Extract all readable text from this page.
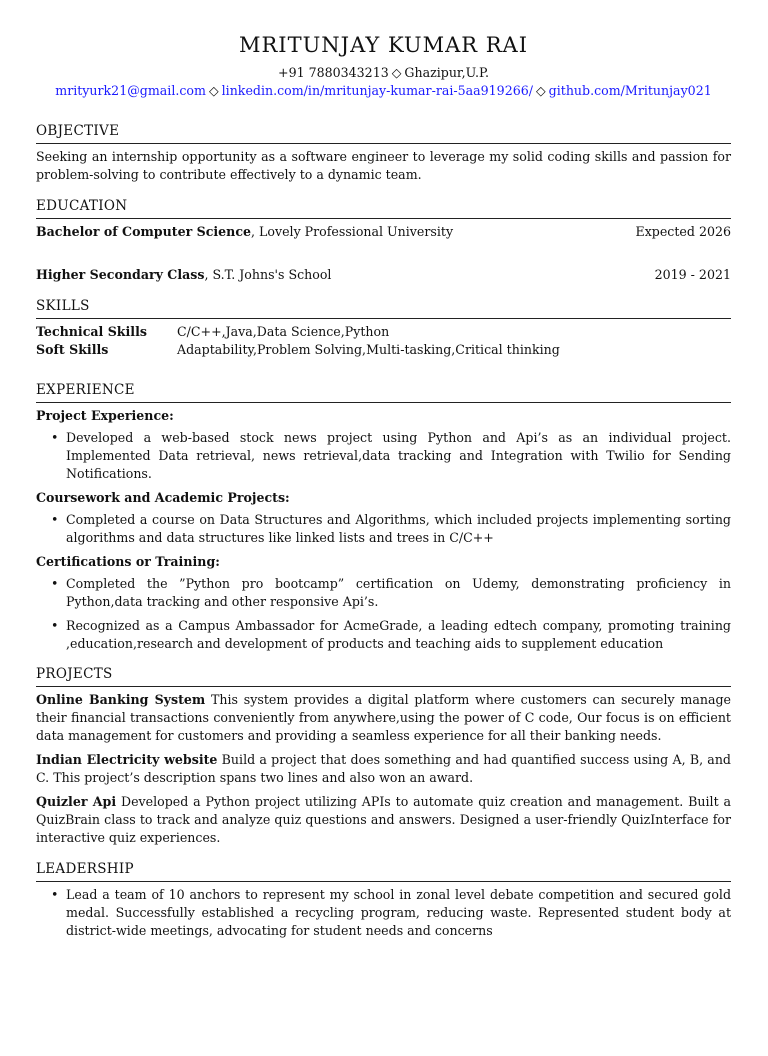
MRITUNJAY KUMAR RAI
+91 7880343213 ◇ Ghazipur,U.P.
mrityurk21@gmail.com ◇ linkedin.com/in/mritunjay-kumar-rai-5aa919266/ ◇ github.com/Mritunjay021
OBJECTIVE
Seeking an internship opportunity as a software engineer to leverage my solid coding skills and passion for problem-solving to contribute effectively to a dynamic team.
EDUCATION
Bachelor of Computer Science, Lovely Professional University	Expected 2026
Higher Secondary Class, S.T. Johns's School	2019 - 2021
SKILLS
Technical Skills	C/C++,Java,Data Science,Python
Soft Skills	Adaptability,Problem Solving,Multi-tasking,Critical thinking
EXPERIENCE
Project Experience:
• Developed a web-based stock news project using Python and Api’s as an individual project. Implemented Data retrieval, news retrieval,data tracking and Integration with Twilio for Sending Notifications.
Coursework and Academic Projects:
• Completed a course on Data Structures and Algorithms, which included projects implementing sorting algorithms and data structures like linked lists and trees in C/C++
Certifications or Training:
• Completed the ”Python pro bootcamp” certification on Udemy, demonstrating proficiency in Python,data tracking and other responsive Api’s.
• Recognized as a Campus Ambassador for AcmeGrade, a leading edtech company, promoting training ,education,research and development of products and teaching aids to supplement education
PROJECTS
Online Banking System This system provides a digital platform where customers can securely manage their financial transactions conveniently from anywhere,using the power of C code, Our focus is on efficient data management for customers and providing a seamless experience for all their banking needs.
Indian Electricity website Build a project that does something and had quantified success using A, B, and C. This project’s description spans two lines and also won an award.
Quizler Api Developed a Python project utilizing APIs to automate quiz creation and management. Built a QuizBrain class to track and analyze quiz questions and answers. Designed a user-friendly QuizInterface for interactive quiz experiences.
LEADERSHIP
• Lead a team of 10 anchors to represent my school in zonal level debate competition and secured gold medal. Successfully established a recycling program, reducing waste. Represented student body at district-wide meetings, advocating for student needs and concerns
